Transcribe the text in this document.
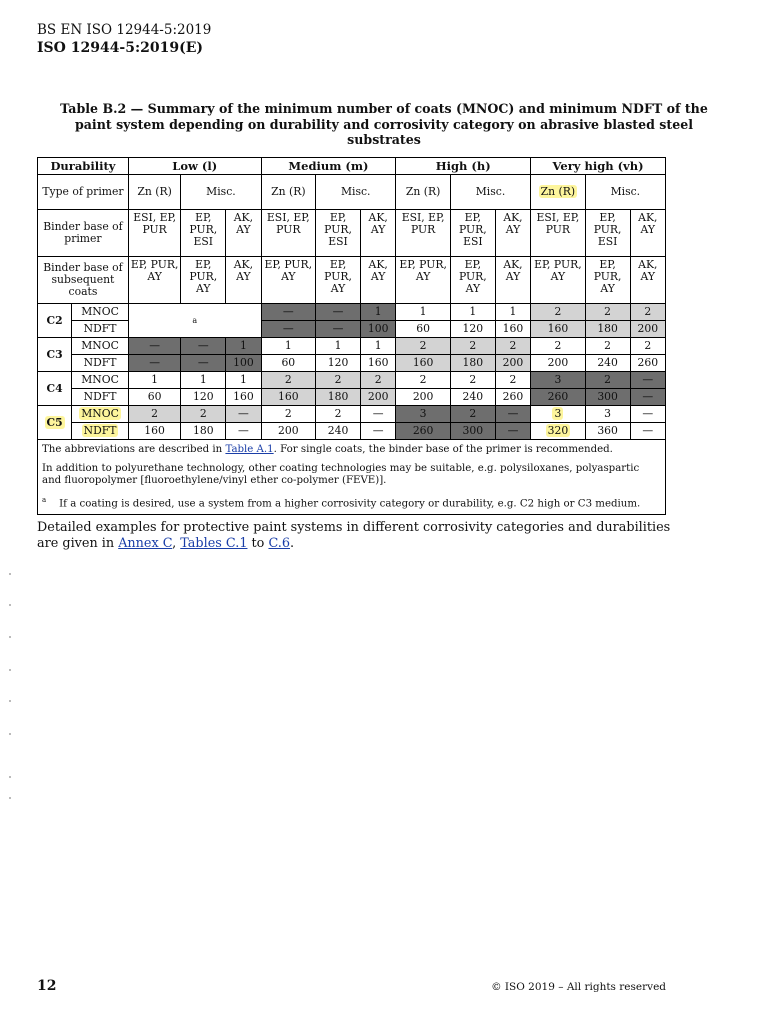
BS EN ISO 12944-5:2019
ISO 12944-5:2019(E)
Table B.2 — Summary of the minimum number of coats (MNOC) and minimum NDFT of the paint system depending on durability and corrosivity category on abrasive blasted steel substrates
Durability		Low (l)			Medium (m)			High (h)			Very high (vh)		
Type of primer		Zn (R)	Misc.		Zn (R)	Misc.		Zn (R)	Misc.		Zn (R)	Misc.	
Binder base of primer		ESI, EP, PUR	EP, PUR, ESI	AK, AY	ESI, EP, PUR	EP, PUR, ESI	AK, AY	ESI, EP, PUR	EP, PUR, ESI	AK, AY	ESI, EP, PUR	EP, PUR, ESI	AK, AY
Binder base of subsequent coats		EP, PUR, AY	EP, PUR, AY	AK, AY	EP, PUR, AY	EP, PUR, AY	AK, AY	EP, PUR, AY	EP, PUR, AY	AK, AY	EP, PUR, AY	EP, PUR, AY	AK, AY
C2	MNOC	a			—	—	1	1	1	1	2	2	2
	NDFT				—	—	100	60	120	160	160	180	200
C3	MNOC	—	—	1	1	1	1	2	2	2	2	2	2
	NDFT	—	—	100	60	120	160	160	180	200	200	240	260
C4	MNOC	1	1	1	2	2	2	2	2	2	3	2	—
	NDFT	60	120	160	160	180	200	200	240	260	260	300	—
C5	MNOC	2	2	—	2	2	—	3	2	—	3	3	—
	NDFT	160	180	—	200	240	—	260	300	—	320	360	—

The abbreviations are described in Table A.1. For single coats, the binder base of the primer is recommended.

In addition to polyurethane technology, other coating technologies may be suitable, e.g. polysiloxanes, polyaspartic and fluoropolymer [fluoroethylene/vinyl ether co-polymer (FEVE)].

$^a$ If a coating is desired, use a system from a higher corrosivity category or durability, e.g. C2 high or C3 medium.													

Detailed examples for protective paint systems in different corrosivity categories and durabilities are given in Annex C, Tables C.1 to C.6.
12	© ISO 2019 – All rights reserved
